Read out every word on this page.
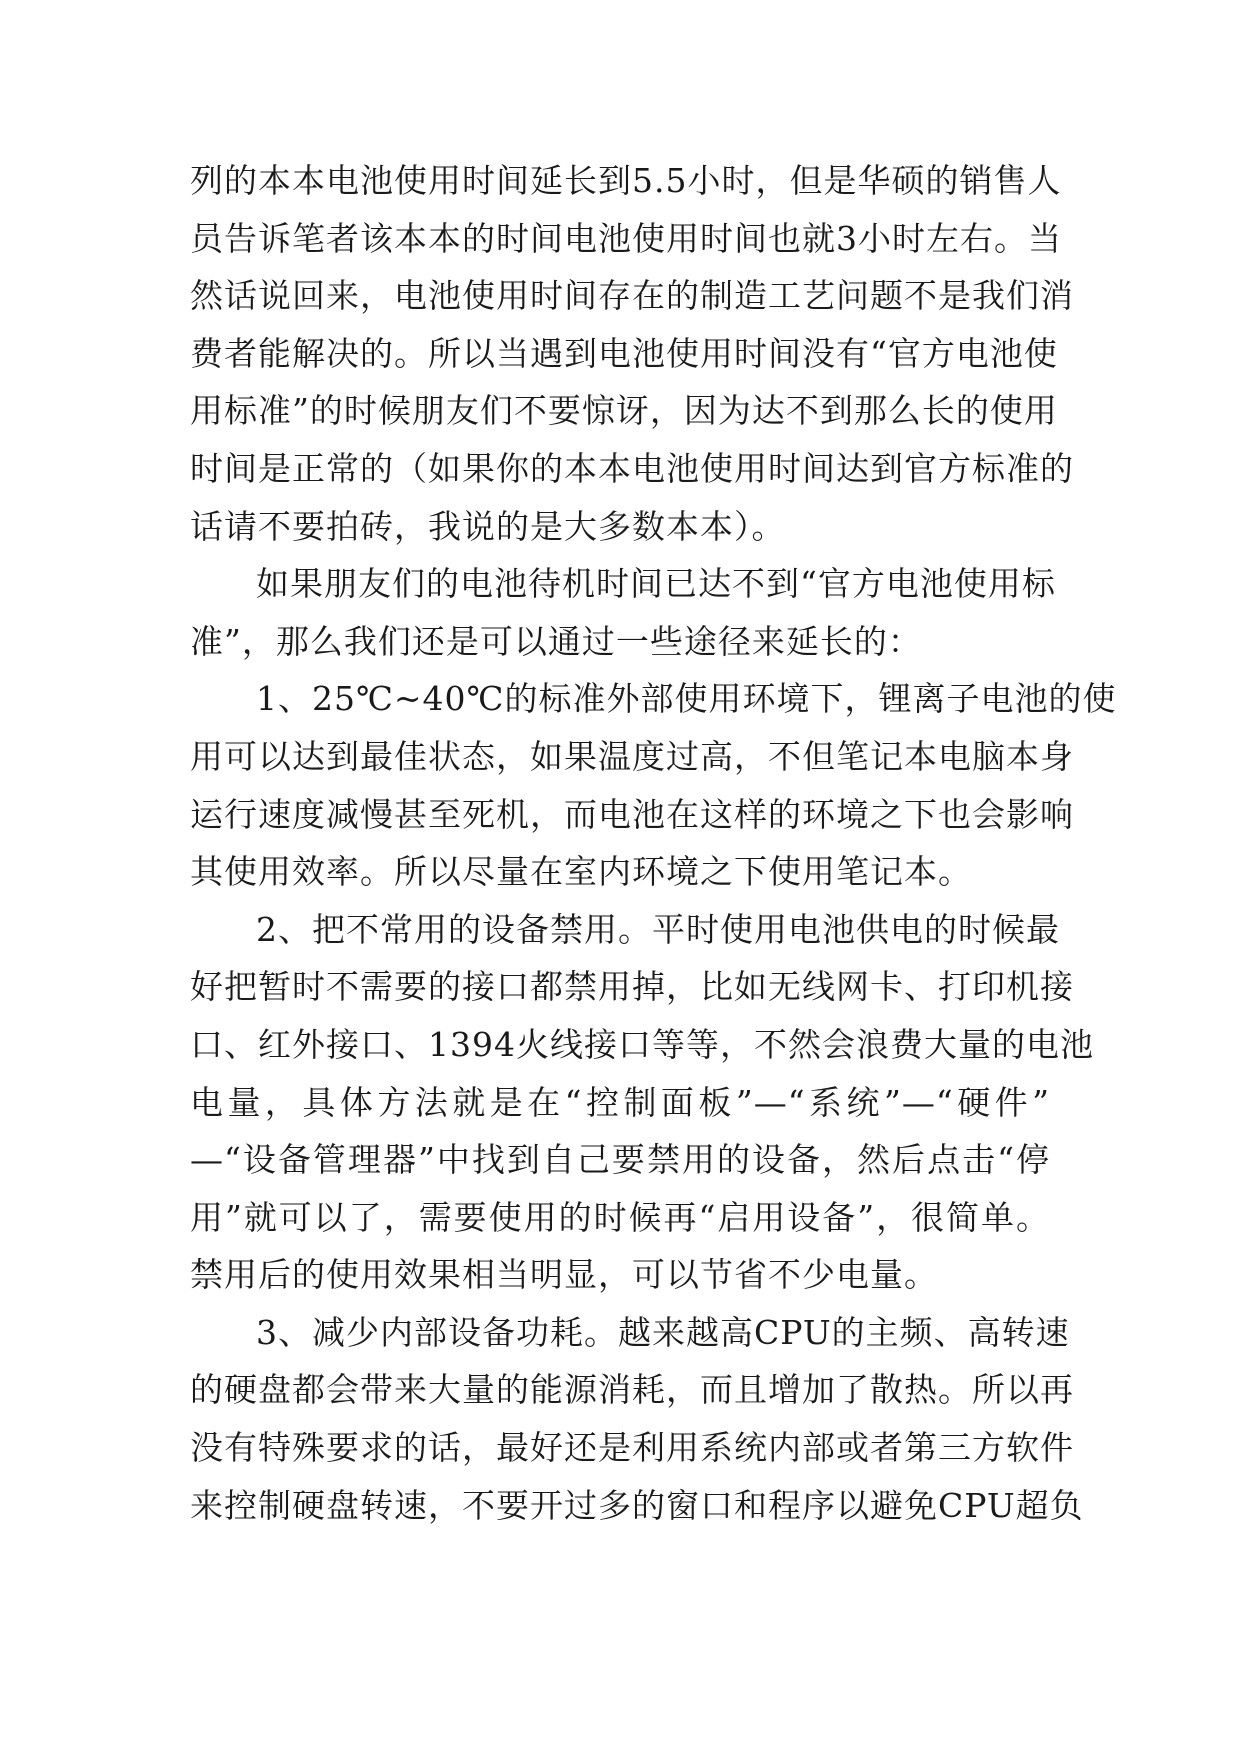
列的本本电池使用时间延长到5.5小时，但是华硕的销售人
员告诉笔者该本本的时间电池使用时间也就3小时左右。当
然话说回来，电池使用时间存在的制造工艺问题不是我们消
费者能解决的。所以当遇到电池使用时间没有“官方电池使
用标准”的时候朋友们不要惊讶，因为达不到那么长的使用
时间是正常的（如果你的本本电池使用时间达到官方标准的
话请不要拍砖，我说的是大多数本本）。
如果朋友们的电池待机时间已达不到“官方电池使用标
准”，那么我们还是可以通过一些途径来延长的：
1、25℃~40℃的标准外部使用环境下，锂离子电池的使
用可以达到最佳状态，如果温度过高，不但笔记本电脑本身
运行速度减慢甚至死机，而电池在这样的环境之下也会影响
其使用效率。所以尽量在室内环境之下使用笔记本。
2、把不常用的设备禁用。平时使用电池供电的时候最
好把暂时不需要的接口都禁用掉，比如无线网卡、打印机接
口、红外接口、1394火线接口等等，不然会浪费大量的电池
电量，具体方法就是在“控制面板”—“系统”—“硬件”
—“设备管理器”中找到自己要禁用的设备，然后点击“停
用”就可以了，需要使用的时候再“启用设备”，很简单。
禁用后的使用效果相当明显，可以节省不少电量。
3、减少内部设备功耗。越来越高CPU的主频、高转速
的硬盘都会带来大量的能源消耗，而且增加了散热。所以再
没有特殊要求的话，最好还是利用系统内部或者第三方软件
来控制硬盘转速，不要开过多的窗口和程序以避免CPU超负
